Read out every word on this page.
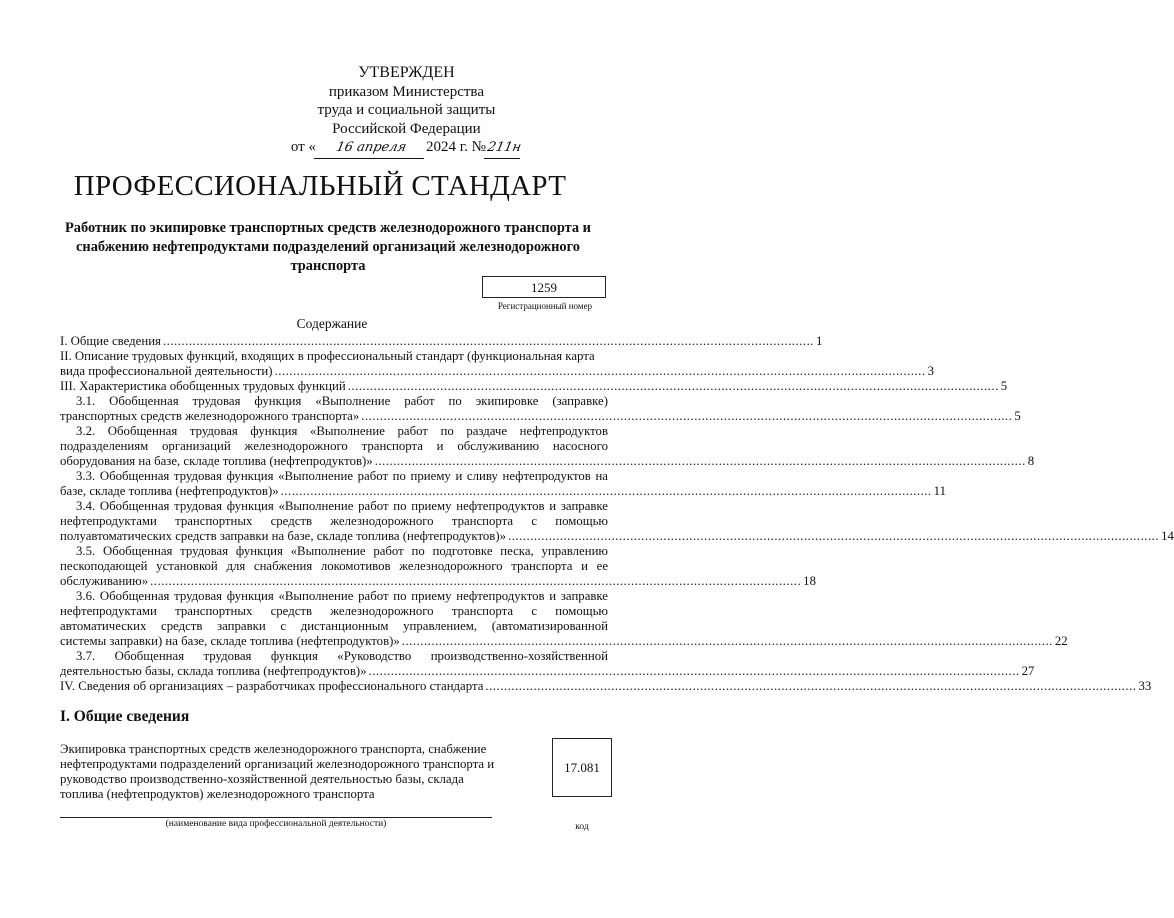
УТВЕРЖДЕН
приказом Министерства
труда и социальной защиты
Российской Федерации
от « 16 апреля 2024 г. №211н
ПРОФЕССИОНАЛЬНЫЙ СТАНДАРТ
Работник по экипировке транспортных средств железнодорожного транспорта и снабжению нефтепродуктами подразделений организаций железнодорожного транспорта
1259
Регистрационный номер
Содержание
I. Общие сведения ................................................................................................................................................................................ 1
II. Описание трудовых функций, входящих в профессиональный стандарт (функциональная карта
вида профессиональной деятельности) ................................................................................................................................................................................ 3
III. Характеристика обобщенных трудовых функций ................................................................................................................................................................................ 5
3.1. Обобщенная трудовая функция «Выполнение работ по экипировке (заправке)
транспортных средств железнодорожного транспорта» ................................................................................................................................................................................ 5
3.2. Обобщенная трудовая функция «Выполнение работ по раздаче нефтепродуктов
подразделениям организаций железнодорожного транспорта и обслуживанию насосного
оборудования на базе, складе топлива (нефтепродуктов)» ................................................................................................................................................................................ 8
3.3. Обобщенная трудовая функция «Выполнение работ по приему и сливу нефтепродуктов на
базе, складе топлива (нефтепродуктов)» ................................................................................................................................................................................ 11
3.4. Обобщенная трудовая функция «Выполнение работ по приему нефтепродуктов и заправке
нефтепродуктами транспортных средств железнодорожного транспорта с помощью
полуавтоматических средств заправки на базе, складе топлива (нефтепродуктов)» ................................................................................................................................................................................ 14
3.5. Обобщенная трудовая функция «Выполнение работ по подготовке песка, управлению
пескоподающей установкой для снабжения локомотивов железнодорожного транспорта и ее
обслуживанию» ................................................................................................................................................................................ 18
3.6. Обобщенная трудовая функция «Выполнение работ по приему нефтепродуктов и заправке
нефтепродуктами транспортных средств железнодорожного транспорта с помощью
автоматических средств заправки с дистанционным управлением, (автоматизированной
системы заправки) на базе, складе топлива (нефтепродуктов)» ................................................................................................................................................................................ 22
3.7. Обобщенная трудовая функция «Руководство производственно-хозяйственной
деятельностью базы, склада топлива (нефтепродуктов)» ................................................................................................................................................................................ 27
IV. Сведения об организациях – разработчиках профессионального стандарта ................................................................................................................................................................................ 33
I. Общие сведения
Экипировка транспортных средств железнодорожного транспорта, снабжение нефтепродуктами подразделений организаций железнодорожного транспорта и руководство производственно-хозяйственной деятельностью базы, склада топлива (нефтепродуктов) железнодорожного транспорта
(наименование вида профессиональной деятельности)
17.081
код
